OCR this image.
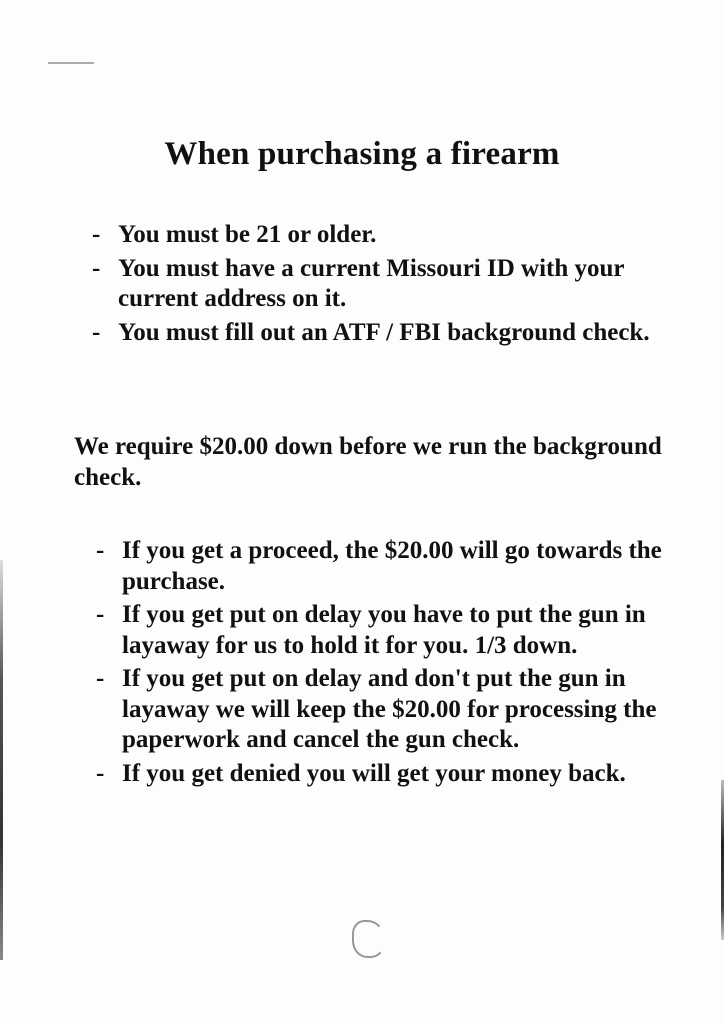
When purchasing a firearm
- You must be 21 or older.
- You must have a current Missouri ID with your current address on it.
- You must fill out an ATF / FBI background check.

We require $20.00 down before we run the background check.

- If you get a proceed, the $20.00 will go towards the purchase.
- If you get put on delay you have to put the gun in layaway for us to hold it for you. 1/3 down.
- If you get put on delay and don't put the gun in layaway we will keep the $20.00 for processing the paperwork and cancel the gun check.
- If you get denied you will get your money back.
